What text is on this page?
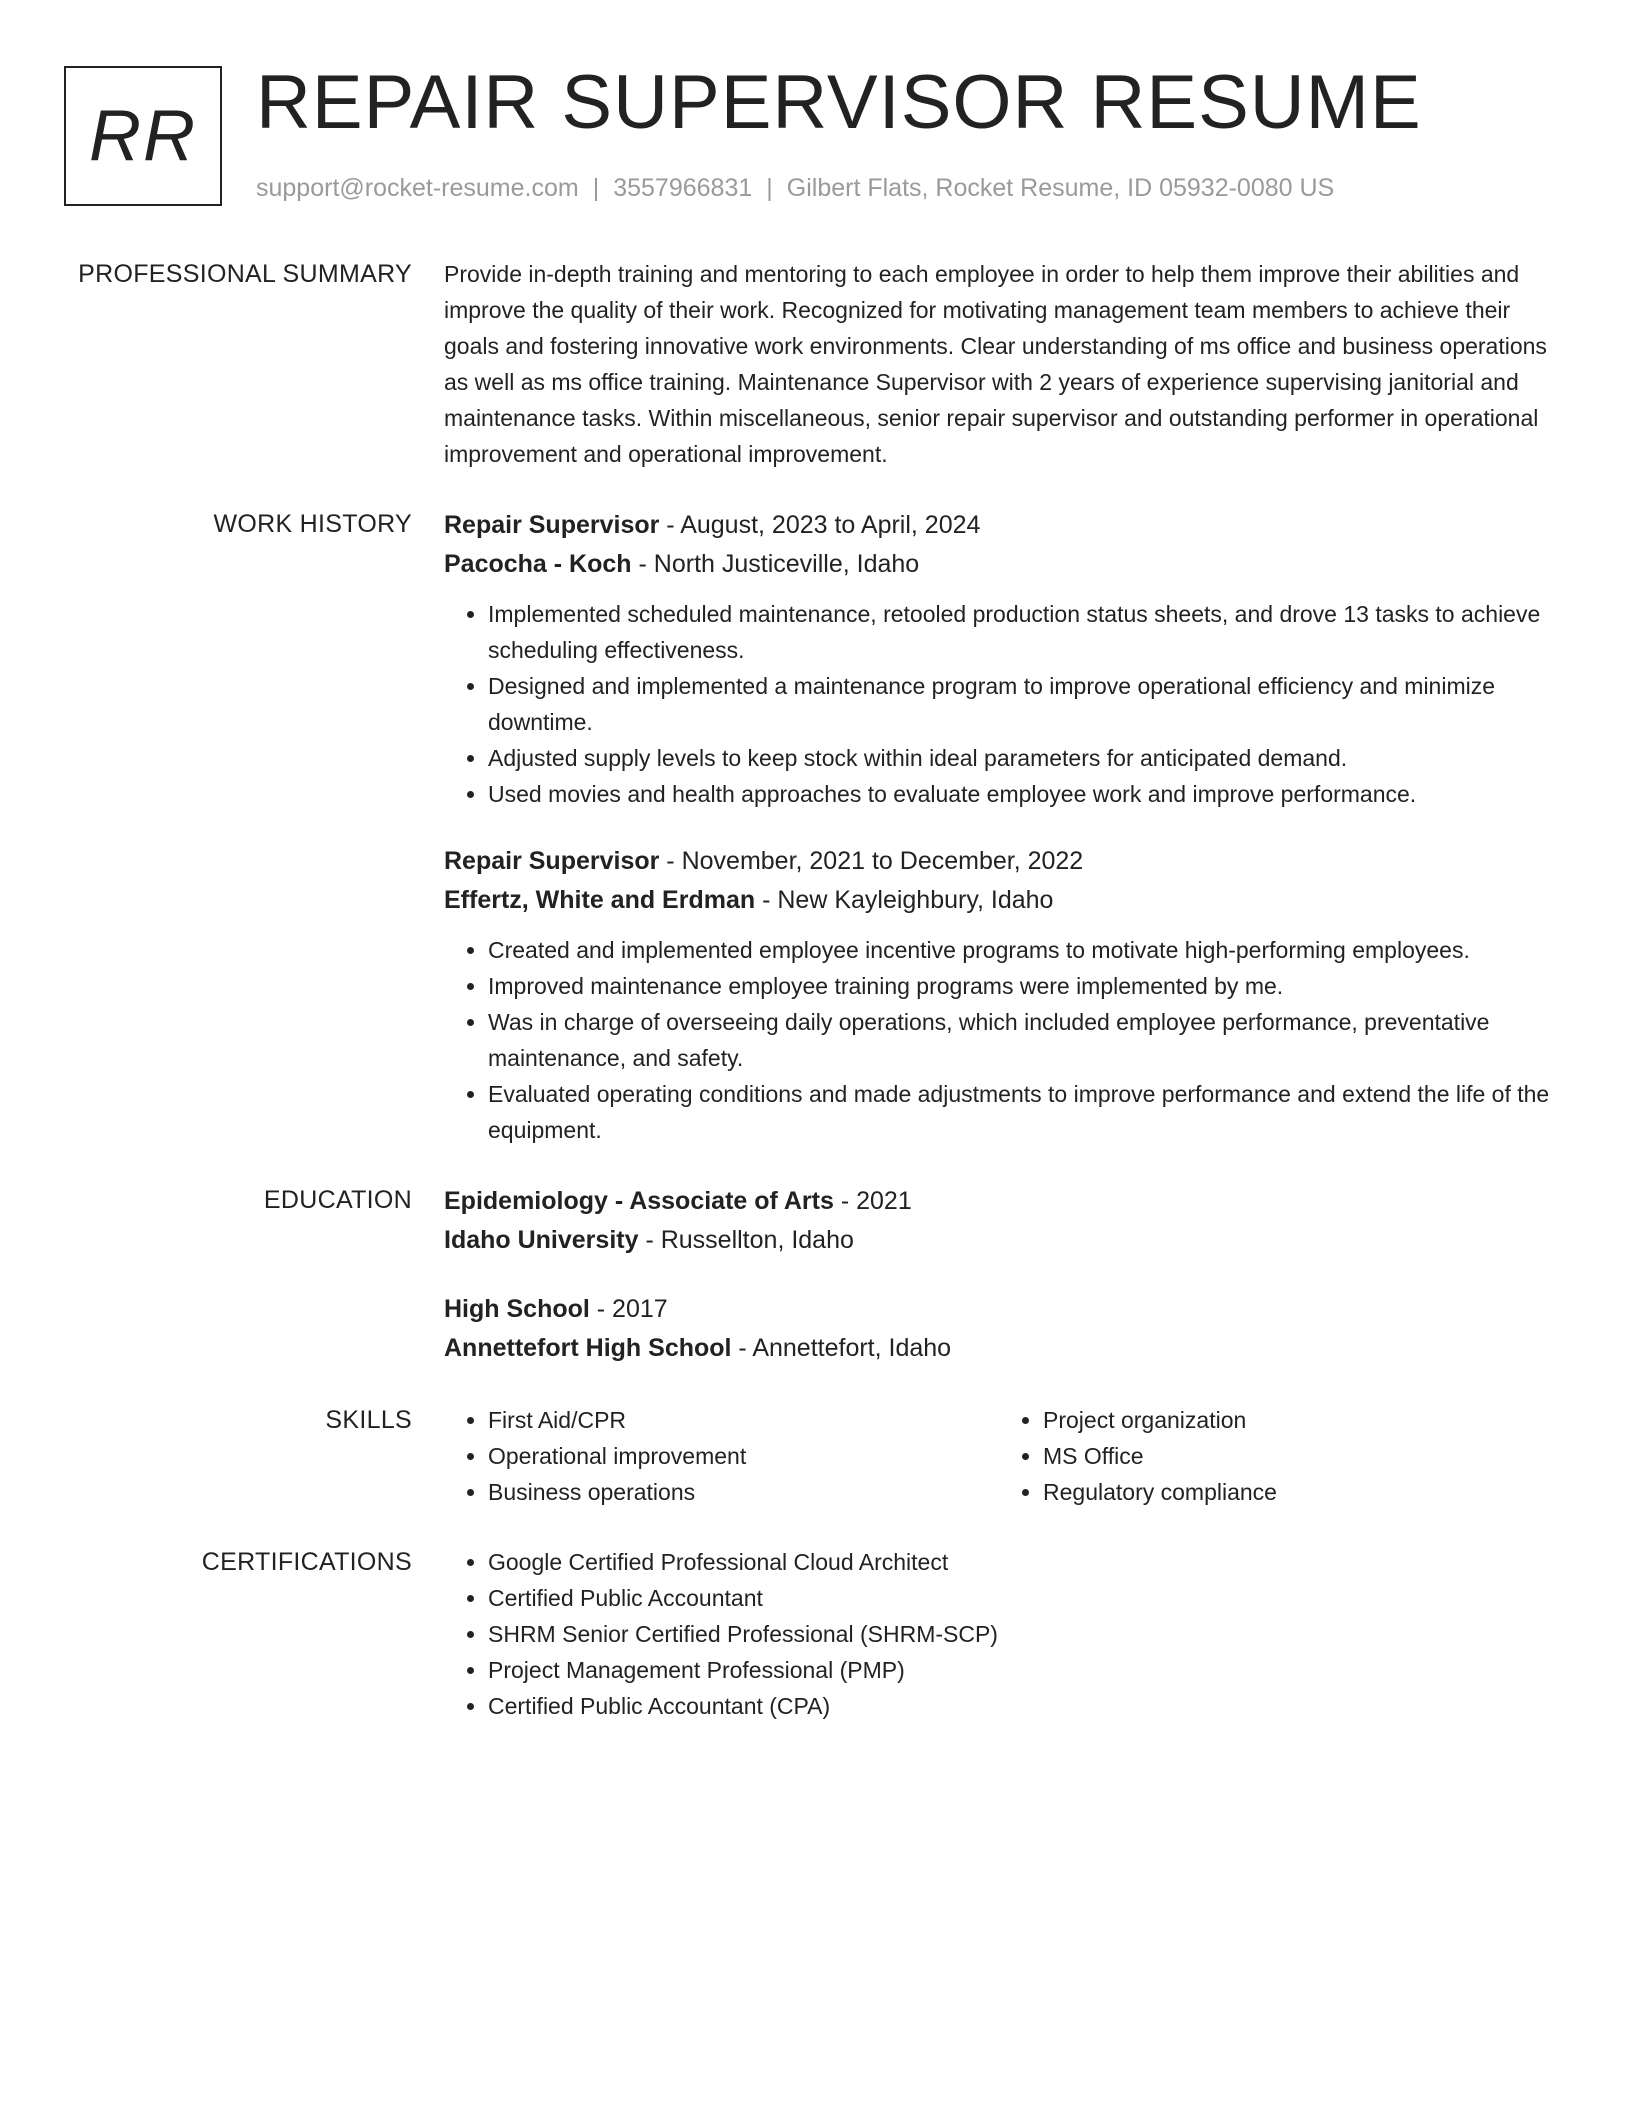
RR REPAIR SUPERVISOR RESUME
support@rocket-resume.com | 3557966831 | Gilbert Flats, Rocket Resume, ID 05932-0080 US
PROFESSIONAL SUMMARY Provide in-depth training and mentoring to each employee in order to help them improve their abilities and improve the quality of their work. Recognized for motivating management team members to achieve their goals and fostering innovative work environments. Clear understanding of ms office and business operations as well as ms office training. Maintenance Supervisor with 2 years of experience supervising janitorial and maintenance tasks. Within miscellaneous, senior repair supervisor and outstanding performer in operational improvement and operational improvement.

WORK HISTORY Repair Supervisor - August, 2023 to April, 2024
Pacocha - Koch - North Justiceville, Idaho
• Implemented scheduled maintenance, retooled production status sheets, and drove 13 tasks to achieve scheduling effectiveness.
• Designed and implemented a maintenance program to improve operational efficiency and minimize downtime.
• Adjusted supply levels to keep stock within ideal parameters for anticipated demand.
• Used movies and health approaches to evaluate employee work and improve performance.
Repair Supervisor - November, 2021 to December, 2022
Effertz, White and Erdman - New Kayleighbury, Idaho
• Created and implemented employee incentive programs to motivate high-performing employees.
• Improved maintenance employee training programs were implemented by me.
• Was in charge of overseeing daily operations, which included employee performance, preventative maintenance, and safety.
• Evaluated operating conditions and made adjustments to improve performance and extend the life of the equipment.
EDUCATION Epidemiology - Associate of Arts - 2021
Idaho University - Russellton, Idaho
High School - 2017
Annettefort High School - Annettefort, Idaho
SKILLS	• First Aid/CPR
• Operational improvement
• Business operations
• Project organization
• MS Office
• Regulatory compliance
CERTIFICATIONS	• Google Certified Professional Cloud Architect
• Certified Public Accountant
• SHRM Senior Certified Professional (SHRM-SCP)
• Project Management Professional (PMP)
• Certified Public Accountant (CPA)
